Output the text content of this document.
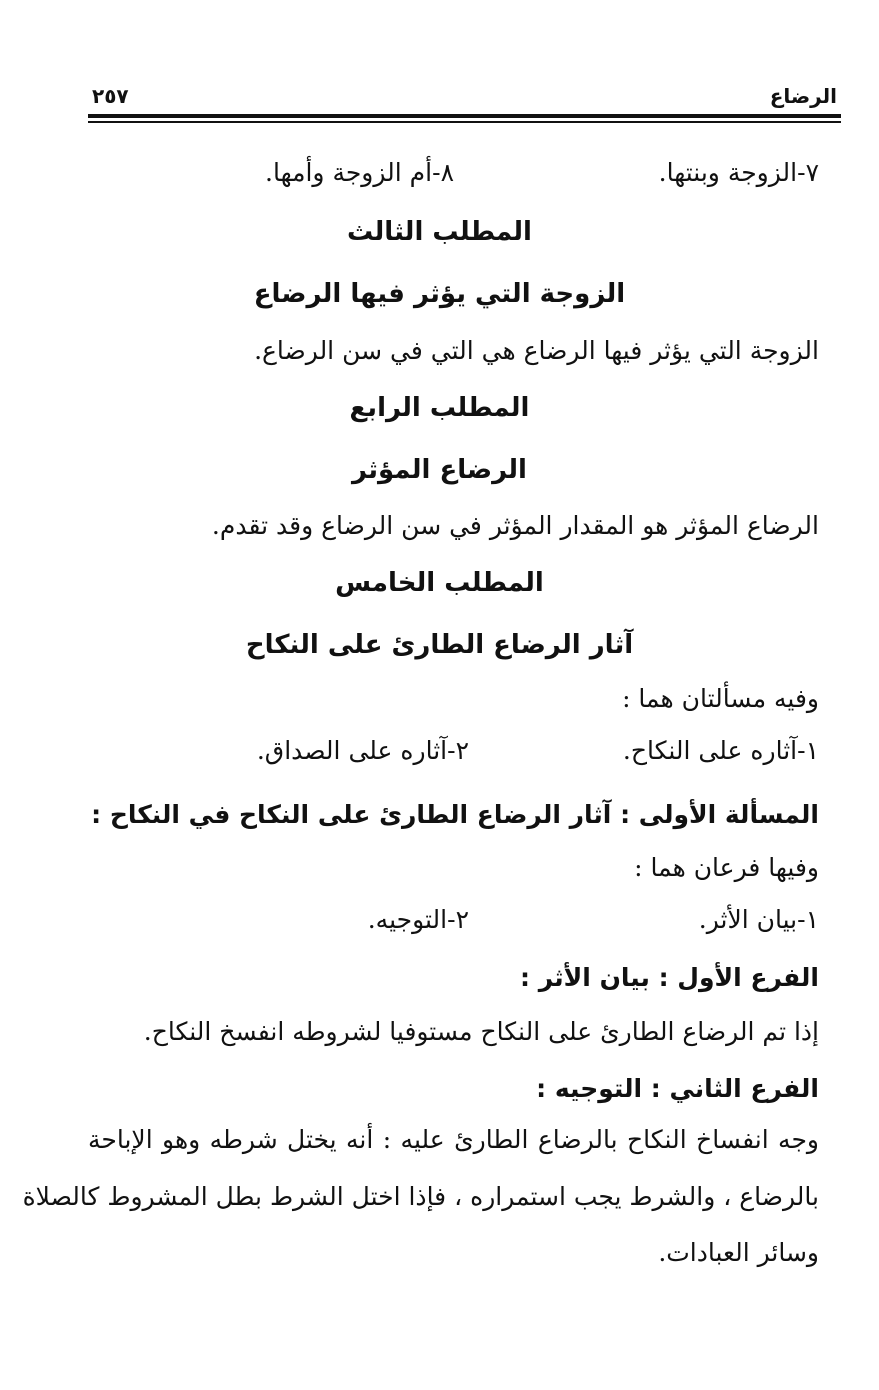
الرضاع
٢٥٧
٧-الزوجة وبنتها.
٨-أم الزوجة وأمها.
المطلب الثالث
الزوجة التي يؤثر فيها الرضاع
الزوجة التي يؤثر فيها الرضاع هي التي في سن الرضاع.
المطلب الرابع
الرضاع المؤثر
الرضاع المؤثر هو المقدار المؤثر في سن الرضاع وقد تقدم.
المطلب الخامس
آثار الرضاع الطارئ على النكاح
وفيه مسألتان هما :
١-آثاره على النكاح.
٢-آثاره على الصداق.
المسألة الأولى : آثار الرضاع الطارئ على النكاح في النكاح :
وفيها فرعان هما :
١-بيان الأثر.
٢-التوجيه.
الفرع الأول : بيان الأثر :
إذا تم الرضاع الطارئ على النكاح مستوفيا لشروطه انفسخ النكاح.
الفرع الثاني : التوجيه :
وجه انفساخ النكاح بالرضاع الطارئ عليه : أنه يختل شرطه وهو الإباحة
بالرضاع ، والشرط يجب استمراره ، فإذا اختل الشرط بطل المشروط كالصلاة
وسائر العبادات.
